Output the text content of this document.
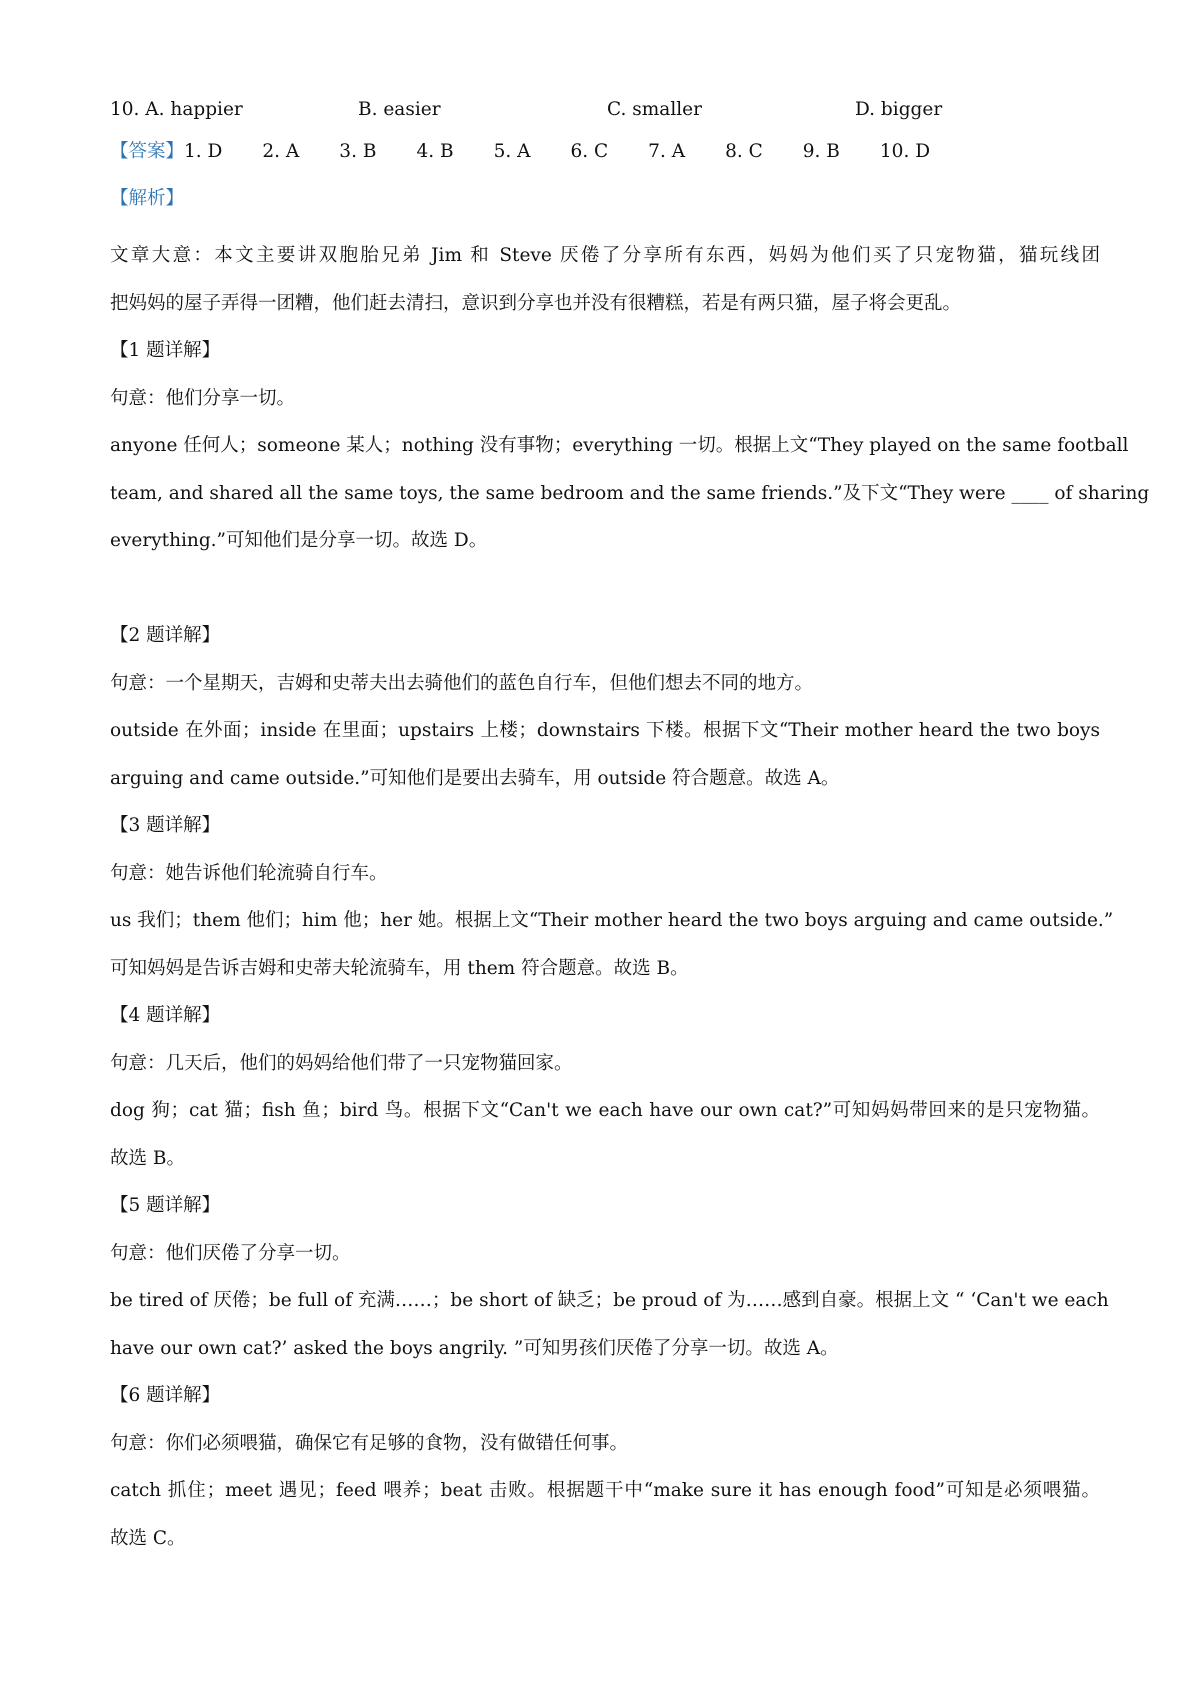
10. A. happier	B. easier	C. smaller	D. bigger
【答案】1. D 2. A 3. B 4. B 5. A 6. C 7. A 8. C 9. B 10. D
【解析】
文章大意：本文主要讲双胞胎兄弟 Jim 和 Steve 厌倦了分享所有东西，妈妈为他们买了只宠物猫，猫玩线团
把妈妈的屋子弄得一团糟，他们赶去清扫，意识到分享也并没有很糟糕，若是有两只猫，屋子将会更乱。
【1 题详解】
句意：他们分享一切。
anyone 任何人；someone 某人；nothing 没有事物；everything 一切。根据上文“They played on the same football
team, and shared all the same toys, the same bedroom and the same friends.”及下文“They were ____ of sharing
everything.”可知他们是分享一切。故选 D。
【2 题详解】
句意：一个星期天，吉姆和史蒂夫出去骑他们的蓝色自行车，但他们想去不同的地方。
outside 在外面；inside 在里面；upstairs 上楼；downstairs 下楼。根据下文“Their mother heard the two boys
arguing and came outside.”可知他们是要出去骑车，用 outside 符合题意。故选 A。
【3 题详解】
句意：她告诉他们轮流骑自行车。
us 我们；them 他们；him 他；her 她。根据上文“Their mother heard the two boys arguing and came outside.”
可知妈妈是告诉吉姆和史蒂夫轮流骑车，用 them 符合题意。故选 B。
【4 题详解】
句意：几天后，他们的妈妈给他们带了一只宠物猫回家。
dog 狗；cat 猫；fish 鱼；bird 鸟。根据下文“Can't we each have our own cat?”可知妈妈带回来的是只宠物猫。
故选 B。
【5 题详解】
句意：他们厌倦了分享一切。
be tired of 厌倦；be full of 充满……；be short of 缺乏；be proud of 为……感到自豪。根据上文 “ ‘Can't we each
have our own cat?’ asked the boys angrily. ”可知男孩们厌倦了分享一切。故选 A。
【6 题详解】
句意：你们必须喂猫，确保它有足够的食物，没有做错任何事。
catch 抓住；meet 遇见；feed 喂养；beat 击败。根据题干中“make sure it has enough food”可知是必须喂猫。
故选 C。
